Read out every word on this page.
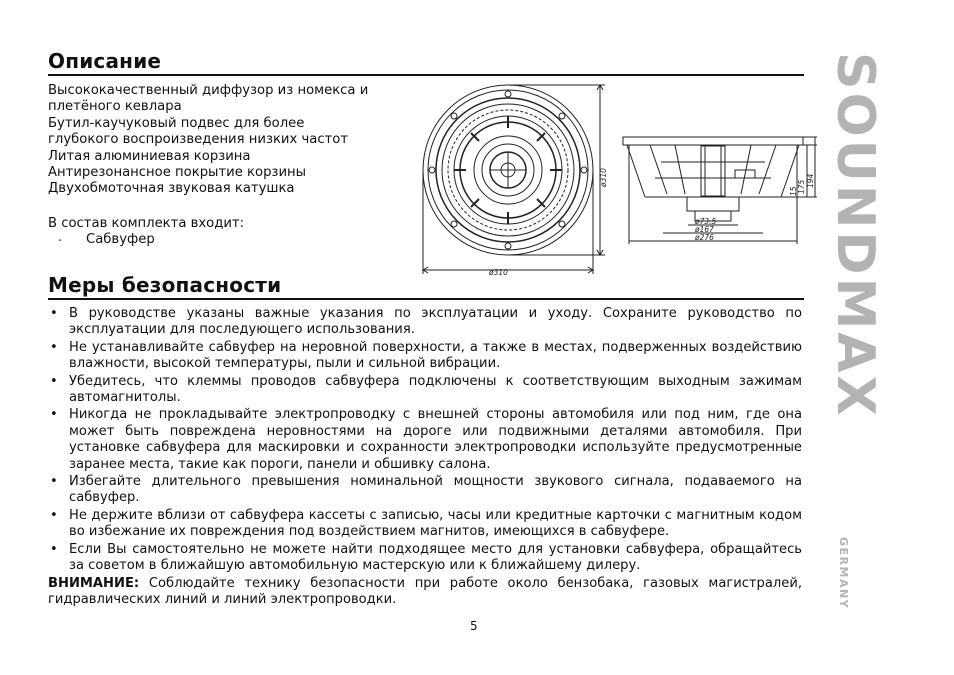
Описание
Высококачественный диффузор из номекса и
плетёного кевлара
Бутил-каучуковый подвес для более
глубокого воспроизведения низких частот
Литая алюминиевая корзина
Антирезонансное покрытие корзины
Двухобмоточная звуковая катушка
В состав комплекта входит:
- Сабвуфер
ø310
ø310
ø73.5
ø167
ø276
15 175 194
Меры безопасности
• В руководстве указаны важные указания по эксплуатации и уходу. Сохраните руководство по эксплуатации для последующего использования.
• Не устанавливайте сабвуфер на неровной поверхности, а также в местах, подверженных воздействию влажности, высокой температуры, пыли и сильной вибрации.
• Убедитесь, что клеммы проводов сабвуфера подключены к соответствующим выходным зажимам автомагнитолы.
• Никогда не прокладывайте электропроводку с внешней стороны автомобиля или под ним, где она может быть повреждена неровностями на дороге или подвижными деталями автомобиля. При установке сабвуфера для маскировки и сохранности электропроводки используйте предусмотренные заранее места, такие как пороги, панели и обшивку салона.
• Избегайте длительного превышения номинальной мощности звукового сигнала, подаваемого на сабвуфер.
• Не держите вблизи от сабвуфера кассеты с записью, часы или кредитные карточки с магнитным кодом во избежание их повреждения под воздействием магнитов, имеющихся в сабвуфере.
• Если Вы самостоятельно не можете найти подходящее место для установки сабвуфера, обращайтесь за советом в ближайшую автомобильную мастерскую или к ближайшему дилеру.
ВНИМАНИЕ: Соблюдайте технику безопасности при работе около бензобака, газовых магистралей, гидравлических линий и линий электропроводки.
5
SOUNDMAX
GERMANY
